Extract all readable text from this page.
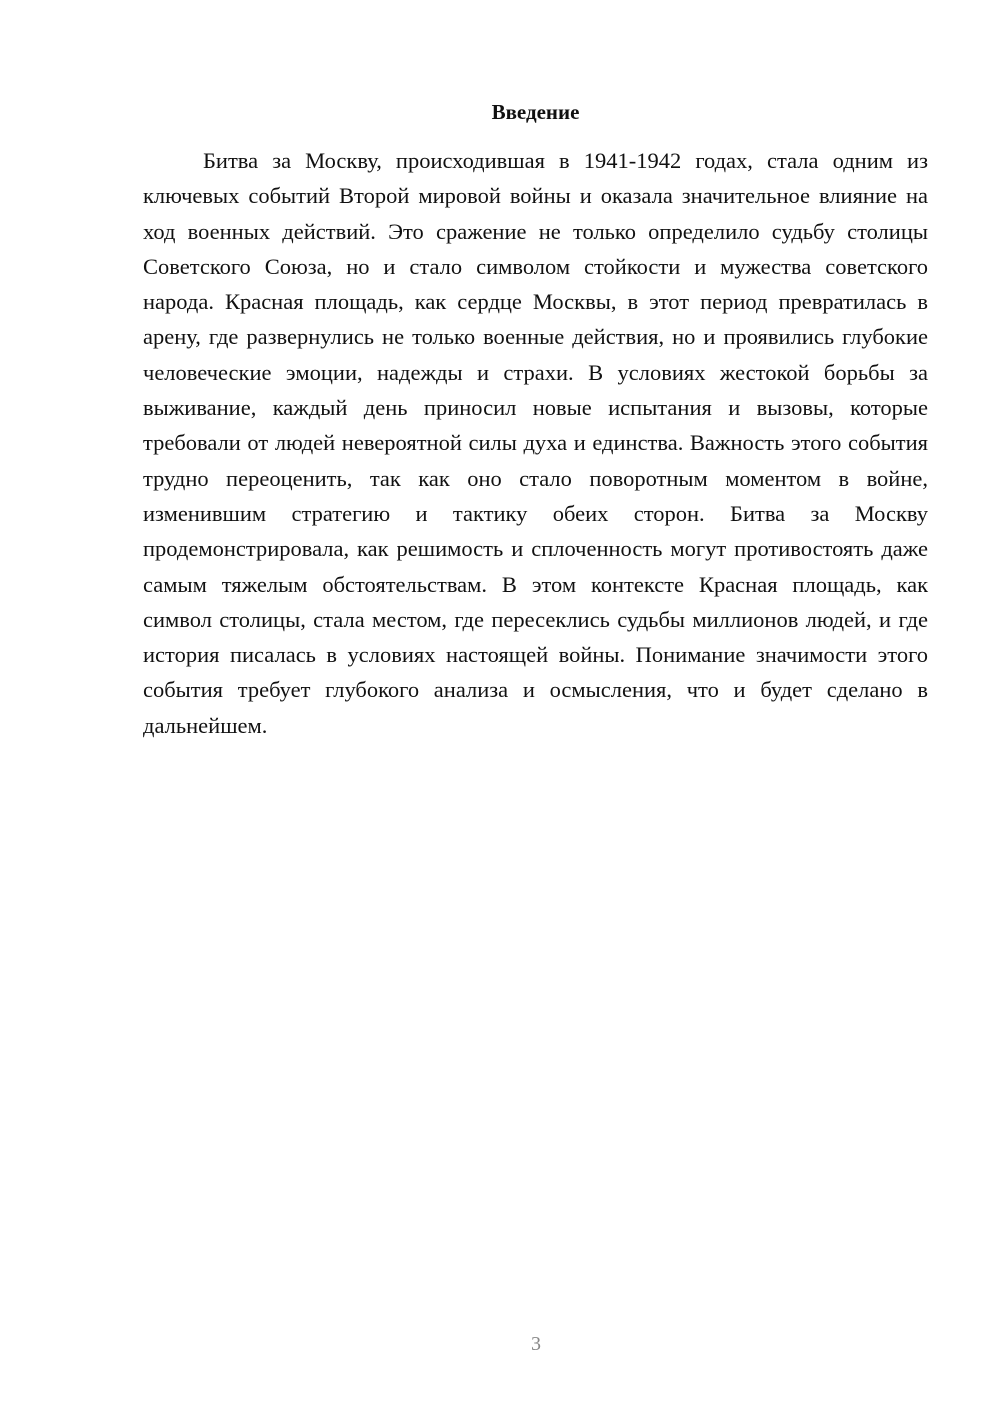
Введение

Битва за Москву, происходившая в 1941-1942 годах, стала одним из ключевых событий Второй мировой войны и оказала значительное влияние на ход военных действий. Это сражение не только определило судьбу столицы Советского Союза, но и стало символом стойкости и мужества советского народа. Красная площадь, как сердце Москвы, в этот период превратилась в арену, где развернулись не только военные действия, но и проявились глубокие человеческие эмоции, надежды и страхи. В условиях жестокой борьбы за выживание, каждый день приносил новые испытания и вызовы, которые требовали от людей невероятной силы духа и единства. Важность этого события трудно переоценить, так как оно стало поворотным моментом в войне, изменившим стратегию и тактику обеих сторон. Битва за Москву продемонстрировала, как решимость и сплоченность могут противостоять даже самым тяжелым обстоятельствам. В этом контексте Красная площадь, как символ столицы, стала местом, где пересеклись судьбы миллионов людей, и где история писалась в условиях настоящей войны. Понимание значимости этого события требует глубокого анализа и осмысления, что и будет сделано в дальнейшем.

3
